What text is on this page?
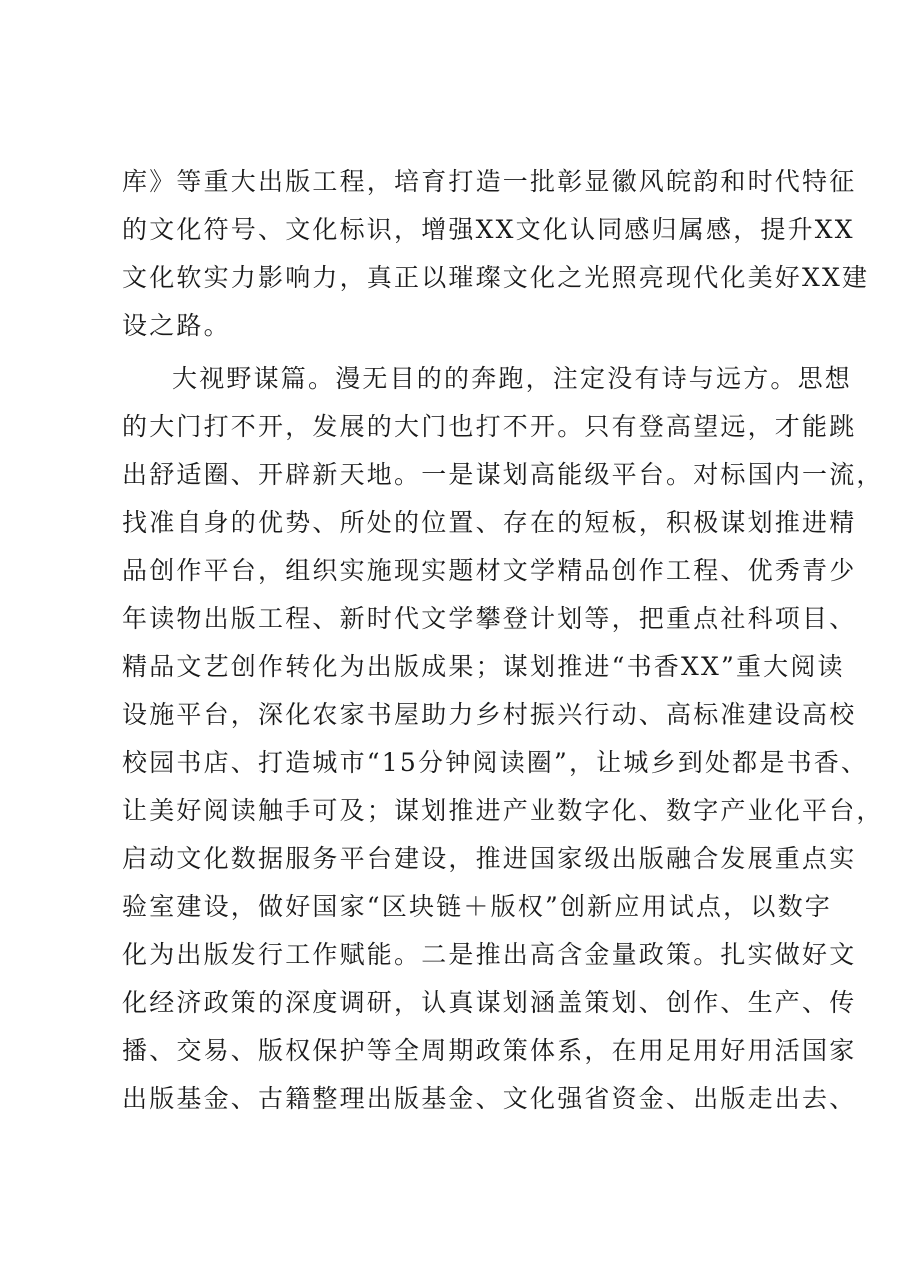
库》等重大出版工程，培育打造一批彰显徽风皖韵和时代特征
的文化符号、文化标识，增强XX文化认同感归属感，提升XX
文化软实力影响力，真正以璀璨文化之光照亮现代化美好XX建
设之路。
大视野谋篇。漫无目的的奔跑，注定没有诗与远方。思想
的大门打不开，发展的大门也打不开。只有登高望远，才能跳
出舒适圈、开辟新天地。一是谋划高能级平台。对标国内一流，
找准自身的优势、所处的位置、存在的短板，积极谋划推进精
品创作平台，组织实施现实题材文学精品创作工程、优秀青少
年读物出版工程、新时代文学攀登计划等，把重点社科项目、
精品文艺创作转化为出版成果；谋划推进“书香XX”重大阅读
设施平台，深化农家书屋助力乡村振兴行动、高标准建设高校
校园书店、打造城市“15分钟阅读圈”，让城乡到处都是书香、
让美好阅读触手可及；谋划推进产业数字化、数字产业化平台，
启动文化数据服务平台建设，推进国家级出版融合发展重点实
验室建设，做好国家“区块链＋版权”创新应用试点，以数字
化为出版发行工作赋能。二是推出高含金量政策。扎实做好文
化经济政策的深度调研，认真谋划涵盖策划、创作、生产、传
播、交易、版权保护等全周期政策体系，在用足用好用活国家
出版基金、古籍整理出版基金、文化强省资金、出版走出去、
